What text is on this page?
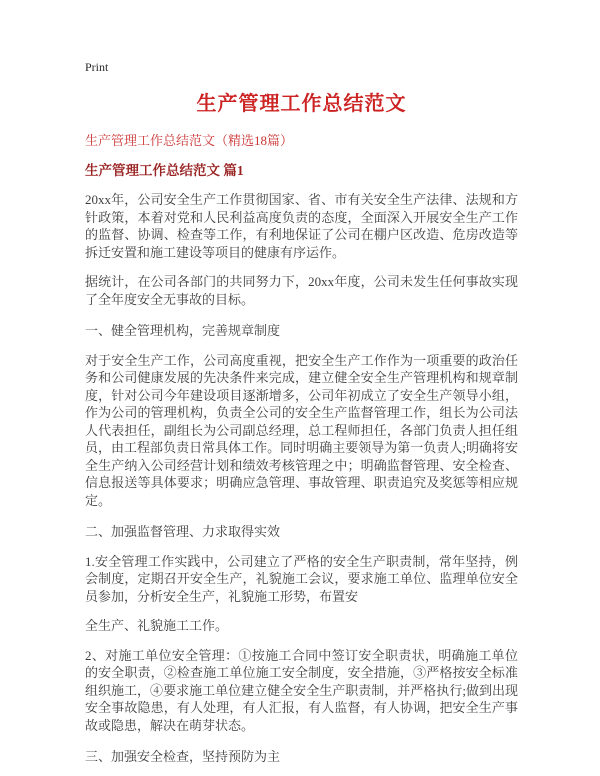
Print
生产管理工作总结范文
生产管理工作总结范文（精选18篇）
生产管理工作总结范文 篇1

20xx年，公司安全生产工作贯彻国家、省、市有关安全生产法律、法规和方针政策，本着对党和人民利益高度负责的态度，全面深入开展安全生产工作的监督、协调、检查等工作，有利地保证了公司在棚户区改造、危房改造等拆迁安置和施工建设等项目的健康有序运作。

据统计，在公司各部门的共同努力下，20xx年度，公司未发生任何事故实现了全年度安全无事故的目标。

一、健全管理机构，完善规章制度

对于安全生产工作，公司高度重视，把安全生产工作作为一项重要的政治任务和公司健康发展的先决条件来完成，建立健全安全生产管理机构和规章制度，针对公司今年建设项目逐渐增多，公司年初成立了安全生产领导小组，作为公司的管理机构，负责全公司的安全生产监督管理工作，组长为公司法人代表担任，副组长为公司副总经理，总工程师担任，各部门负责人担任组员，由工程部负责日常具体工作。同时明确主要领导为第一负责人;明确将安全生产纳入公司经营计划和绩效考核管理之中；明确监督管理、安全检查、信息报送等具体要求；明确应急管理、事故管理、职责追究及奖惩等相应规定。

二、加强监督管理、力求取得实效

1.安全管理工作实践中，公司建立了严格的安全生产职责制，常年坚持，例会制度，定期召开安全生产，礼貌施工会议，要求施工单位、监理单位安全员参加，分析安全生产，礼貌施工形势，布置安

全生产、礼貌施工工作。

2、对施工单位安全管理：①按施工合同中签订安全职责状，明确施工单位的安全职责，②检查施工单位施工安全制度，安全措施，③严格按安全标准组织施工，④要求施工单位建立健全安全生产职责制，并严格执行;做到出现安全事故隐患，有人处理，有人汇报，有人监督，有人协调，把安全生产事故或隐患，解决在萌芽状态。

三、加强安全检查，坚持预防为主
